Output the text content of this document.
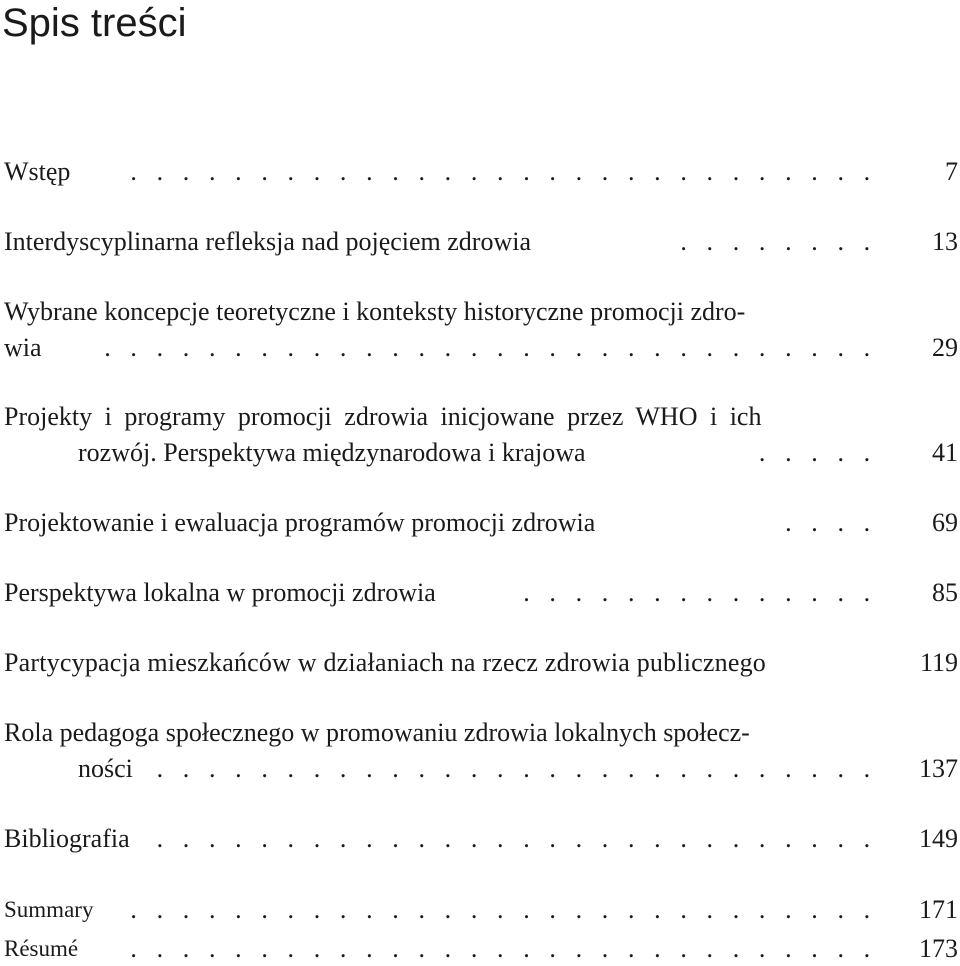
Spis treści
Wstęp	. . . . . . . . . . . . . . . . . . . . . . . . . . . . .	7
Interdyscyplinarna refleksja nad pojęciem zdrowia	. . . . . . . .	13
Wybrane koncepcje teoretyczne i konteksty historyczne promocji zdro-
wia	. . . . . . . . . . . . . . . . . . . . . . . . . . . . . .	29
Projekty i programy promocji zdrowia inicjowane przez WHO i ich
rozwój. Perspektywa międzynarodowa i krajowa	. . . . .	41
Projektowanie i ewaluacja programów promocji zdrowia	. . . .	69
Perspektywa lokalna w promocji zdrowia	. . . . . . . . . . . . . .	85
Partycypacja mieszkańców w działaniach na rzecz zdrowia publicznego	119
Rola pedagoga społecznego w promowaniu zdrowia lokalnych społecz-
ności . . . . . . . . . . . . . . . . . . . . . . . . . . . .	137
Bibliografia	. . . . . . . . . . . . . . . . . . . . . . . . . . . .	149
Summary	. . . . . . . . . . . . . . . . . . . . . . . . . . . . .	171
Résumé	. . . . . . . . . . . . . . . . . . . . . . . . . . . . .	173
